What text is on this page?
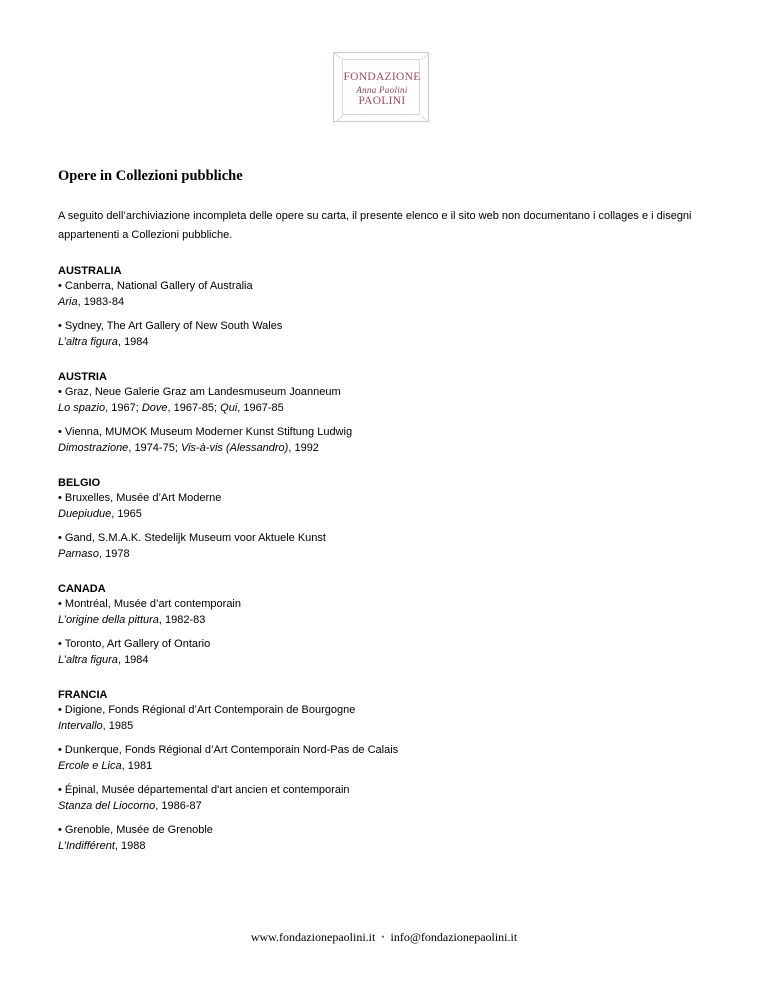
FONDAZIONE
Anna Paolini
PAOLINI
Opere in Collezioni pubbliche

A seguito dell’archiviazione incompleta delle opere su carta, il presente elenco e il sito web non documentano i collages e i disegni appartenenti a Collezioni pubbliche.

AUSTRALIA
• Canberra, National Gallery of Australia
Aria, 1983-84
• Sydney, The Art Gallery of New South Wales
L’altra figura, 1984
AUSTRIA
• Graz, Neue Galerie Graz am Landesmuseum Joanneum
Lo spazio, 1967; Dove, 1967-85; Qui, 1967-85
• Vienna, MUMOK Museum Moderner Kunst Stiftung Ludwig
Dimostrazione, 1974-75; Vis-à-vis (Alessandro), 1992
BELGIO
• Bruxelles, Musée d’Art Moderne
Duepiudue, 1965
• Gand, S.M.A.K. Stedelijk Museum voor Aktuele Kunst
Parnaso, 1978
CANADA
• Montréal, Musée d’art contemporain
L’origine della pittura, 1982-83
• Toronto, Art Gallery of Ontario
L’altra figura, 1984
FRANCIA
• Digione, Fonds Régional d’Art Contemporain de Bourgogne
Intervallo, 1985
• Dunkerque, Fonds Régional d’Art Contemporain Nord-Pas de Calais
Ercole e Lica, 1981
• Épinal, Musée départemental d'art ancien et contemporain
Stanza del Liocorno, 1986-87
• Grenoble, Musée de Grenoble
L’Indifférent, 1988
www.fondazionepaolini.it • info@fondazionepaolini.it
